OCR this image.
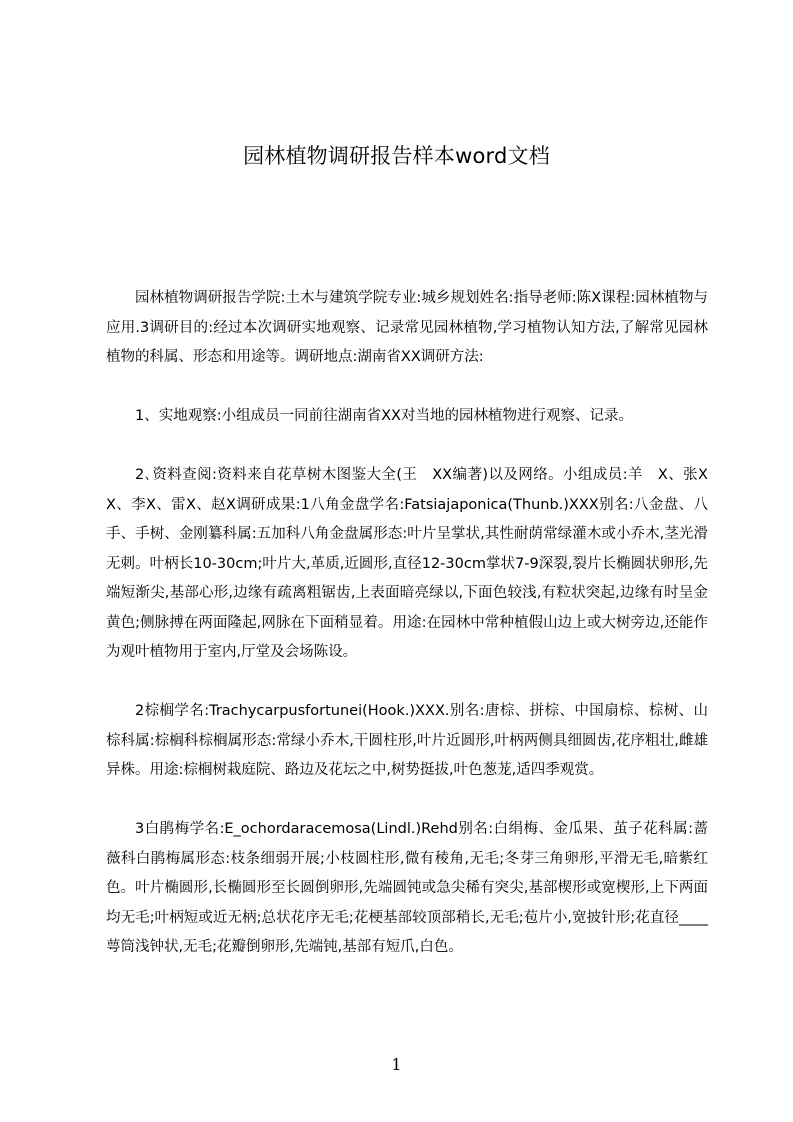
园林植物调研报告样本word文档

园林植物调研报告学院:土木与建筑学院专业:城乡规划姓名:指导老师:陈X课程:园林植物与应用.3调研目的:经过本次调研实地观察、记录常见园林植物,学习植物认知方法,了解常见园林植物的科属、形态和用途等。调研地点:湖南省XX调研方法:

1、实地观察:小组成员一同前往湖南省XX对当地的园林植物进行观察、记录。

2､资料查阅:资料来自花草树木图鉴大全(王　XX编著)以及网络。小组成员:羊　X、张XX、李X、雷X、赵X调研成果:1八角金盘学名:Fatsiajaponica(Thunb.)XXX别名:八金盘、八手、手树、金刚纂科属:五加科八角金盘属形态:叶片呈掌状,其性耐荫常绿灌木或小乔木,茎光滑无刺。叶柄长10-30cm;叶片大,革质,近圆形,直径12-30cm掌状7-9深裂,裂片长椭圆状卵形,先端短渐尖,基部心形,边缘有疏离粗锯齿,上表面暗亮绿以,下面色较浅,有粒状突起,边缘有时呈金黄色;侧脉搏在两面隆起,网脉在下面稍显着。用途:在园林中常种植假山边上或大树旁边,还能作为观叶植物用于室内,厅堂及会场陈设。

2棕榈学名:Trachycarpusfortunei(Hook.)XXX.别名:唐棕、拼棕、中国扇棕、棕树、山棕科属:棕榈科棕榈属形态:常绿小乔木,干圆柱形,叶片近圆形,叶柄两侧具细圆齿,花序粗壮,雌雄异株。用途:棕榈树栽庭院、路边及花坛之中,树势挺拔,叶色葱茏,适四季观赏。

3白鹃梅学名:E_ochordaracemosa(Lindl.)Rehd别名:白绢梅、金瓜果、茧子花科属:蔷薇科白鹃梅属形态:枝条细弱开展;小枝圆柱形,微有稜角,无毛;冬芽三角卵形,平滑无毛,暗紫红色。叶片椭圆形,长椭圆形至长圆倒卵形,先端圆钝或急尖稀有突尖,基部楔形或宽楔形,上下两面均无毛;叶柄短或近无柄;总状花序无毛;花梗基部较顶部稍长,无毛;苞片小,宽披针形;花直径____萼筒浅钟状,无毛;花瓣倒卵形,先端钝,基部有短爪,白色。

1
